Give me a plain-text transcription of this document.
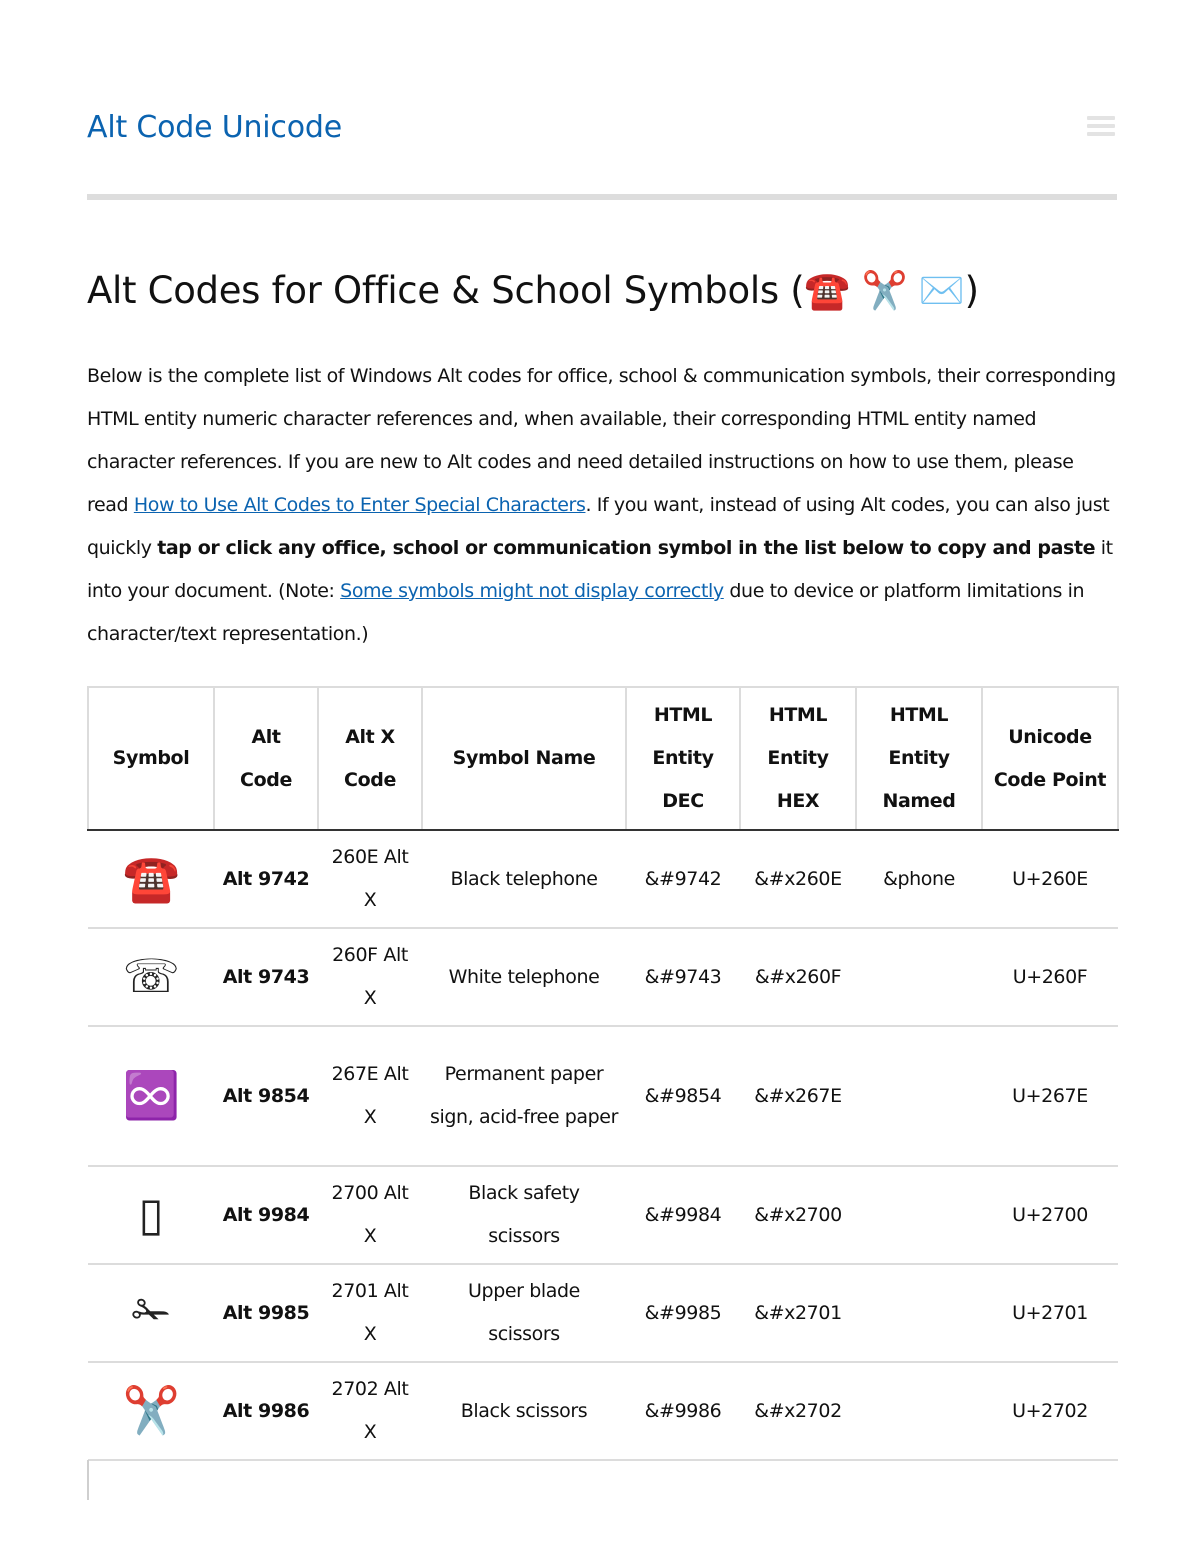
Alt Code Unicode
Alt Codes for Office & School Symbols (☎️ ✂️ ✉️)

Below is the complete list of Windows Alt codes for office, school & communication symbols, their corresponding HTML entity numeric character references and, when available, their corresponding HTML entity named character references. If you are new to Alt codes and need detailed instructions on how to use them, please read How to Use Alt Codes to Enter Special Characters. If you want, instead of using Alt codes, you can also just quickly tap or click any office, school or communication symbol in the list below to copy and paste it into your document. (Note: Some symbols might not display correctly due to device or platform limitations in character/text representation.)

Symbol	Alt Code	Alt X Code	Symbol Name	HTML Entity DEC	HTML Entity HEX	HTML Entity Named	Unicode Code Point
☎️	Alt 9742	260E Alt X	Black telephone	&#9742	&#x260E	&phone	U+260E
☏	Alt 9743	260F Alt X	White telephone	&#9743	&#x260F		U+260F
♾️	Alt 9854	267E Alt X	Permanent paper sign, acid-free paper	&#9854	&#x267E		U+267E
▯	Alt 9984	2700 Alt X	Black safety scissors	&#9984	&#x2700		U+2700
✁	Alt 9985	2701 Alt X	Upper blade scissors	&#9985	&#x2701		U+2701
✂️	Alt 9986	2702 Alt X	Black scissors	&#9986	&#x2702		U+2702
